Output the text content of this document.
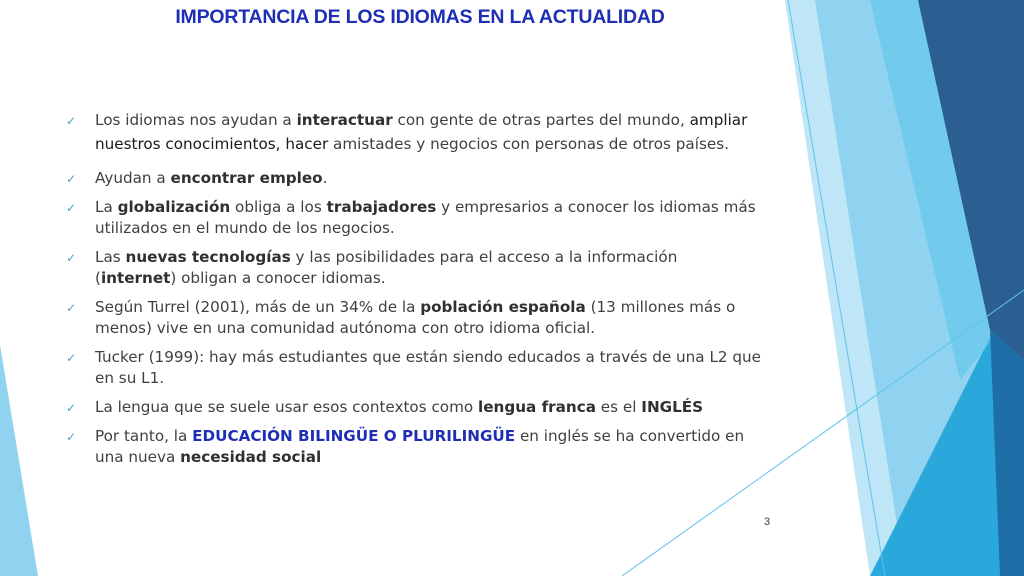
IMPORTANCIA DE LOS IDIOMAS EN LA ACTUALIDAD
✓ Los idiomas nos ayudan a interactuar con gente de otras partes del mundo, ampliar nuestros conocimientos, hacer amistades y negocios con personas de otros países.
✓ Ayudan a encontrar empleo.
✓ La globalización obliga a los trabajadores y empresarios a conocer los idiomas más utilizados en el mundo de los negocios.
✓ Las nuevas tecnologías y las posibilidades para el acceso a la información (internet) obligan a conocer idiomas.
✓ Según Turrel (2001), más de un 34% de la población española (13 millones más o menos) vive en una comunidad autónoma con otro idioma oficial.
✓ Tucker (1999): hay más estudiantes que están siendo educados a través de una L2 que en su L1.
✓ La lengua que se suele usar esos contextos como lengua franca es el INGLÉS
✓ Por tanto, la EDUCACIÓN BILINGÜE O PLURILINGÜE en inglés se ha convertido en una nueva necesidad social
3
